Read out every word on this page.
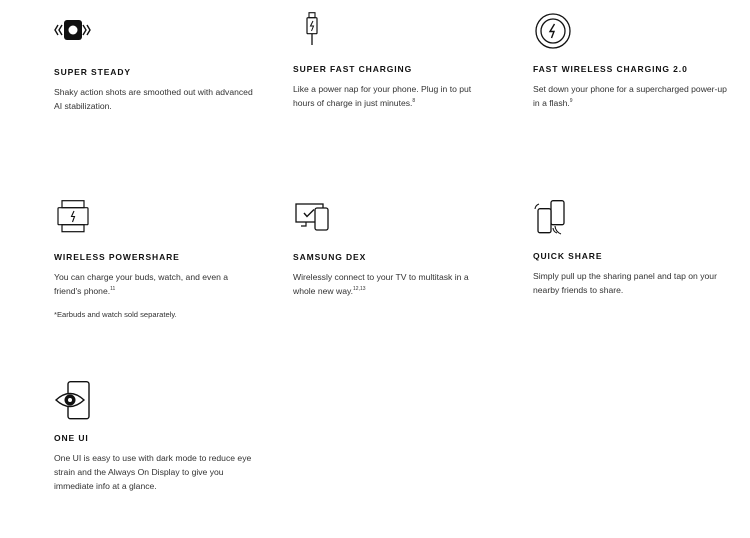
SUPER STEADY

Shaky action shots are smoothed out with advanced AI stabilization.

SUPER FAST CHARGING

Like a power nap for your phone. Plug in to put hours of charge in just minutes.$^8$

FAST WIRELESS CHARGING 2.0

Set down your phone for a supercharged power-up in a flash.$^9$

WIRELESS POWERSHARE

You can charge your buds, watch, and even a friend's phone.$^{11}$

*Earbuds and watch sold separately.
SAMSUNG DEX

Wirelessly connect to your TV to multitask in a whole new way.$^{12,13}$

QUICK SHARE

Simply pull up the sharing panel and tap on your nearby friends to share.

ONE UI

One UI is easy to use with dark mode to reduce eye strain and the Always On Display to give you immediate info at a glance.
